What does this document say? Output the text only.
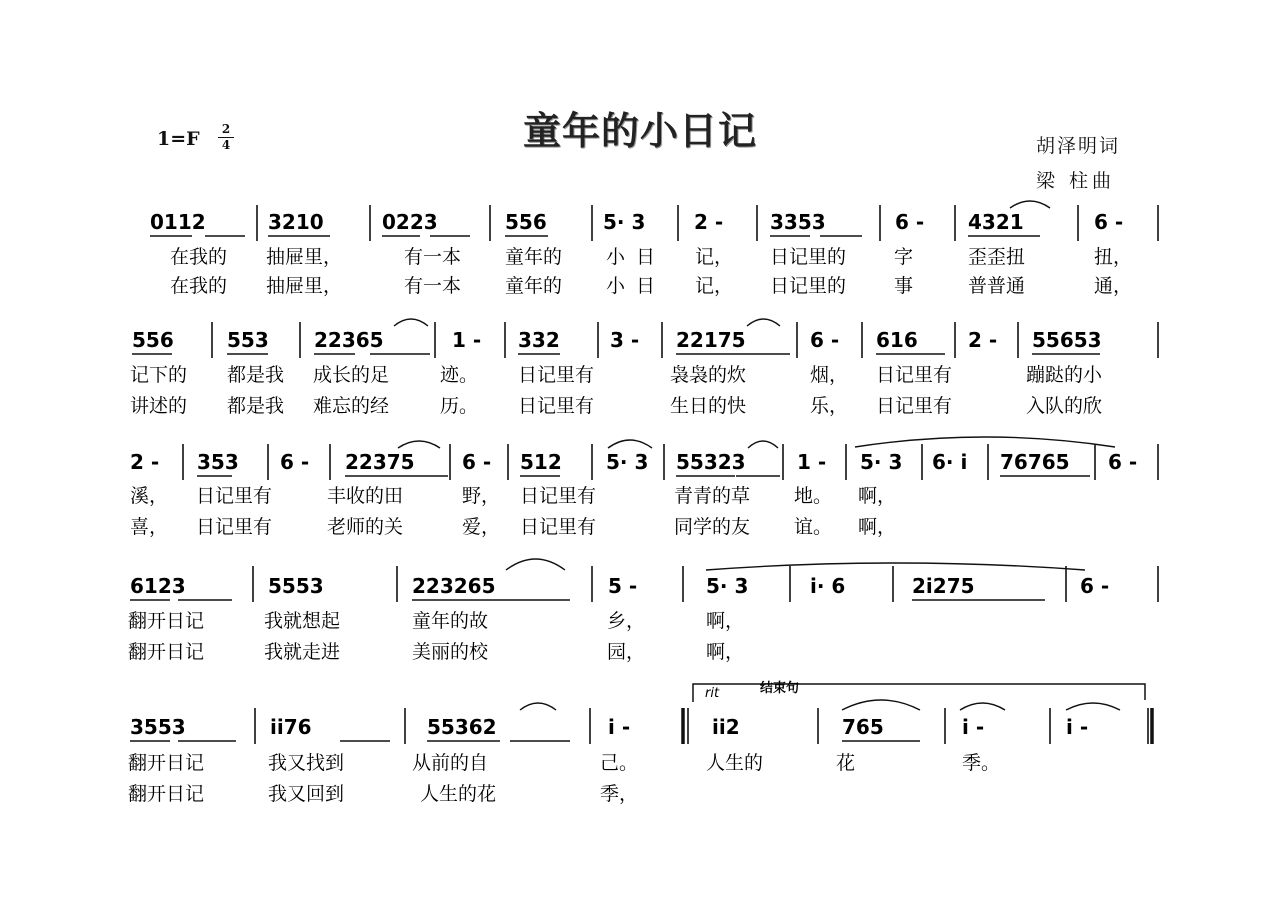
童年的小日记
1=F	2
4	胡泽明词
梁 柱曲
rit	结束句
0112	3210	0223	556	5· 3 2 - 3353	6 - 4321	6 -
在我的 抽屉里，	有一本 童年的 小 日 记， 日记里的	字	歪歪扭	扭，
在我的 抽屉里，	有一本 童年的 小 日 记， 日记里的	事	普普通	通，
556	553 22365	1 - 332	3 - 22175	6 - 616	2 - 55653
记下的 都是我 成长的足	迹。 日记里有	袅袅的炊	烟， 日记里有	蹦跶的小
讲述的 都是我 难忘的经	历。 日记里有	生日的快	乐， 日记里有	入队的欣
2 - 353 6 - 22375 6 - 512 5· 3 55323	1 - 5· 3 6· i 76765 6 -
溪， 日记里有	丰收的田	野， 日记里有	青青的草 地。 啊，
喜， 日记里有	老师的关	爱， 日记里有	同学的友 谊。 啊，
6123	5553	223265	5 -	5· 3	i· 6	2i275	6 -
翻开日记	我就想起	童年的故	乡，	啊，
翻开日记	我就走进	美丽的校	园，	啊，
3553	ii76	55362	i -	ii2	765	i -	i -
翻开日记	我又找到	从前的自	己。	人生的	花	季。
翻开日记	我又回到	人生的花	季，
